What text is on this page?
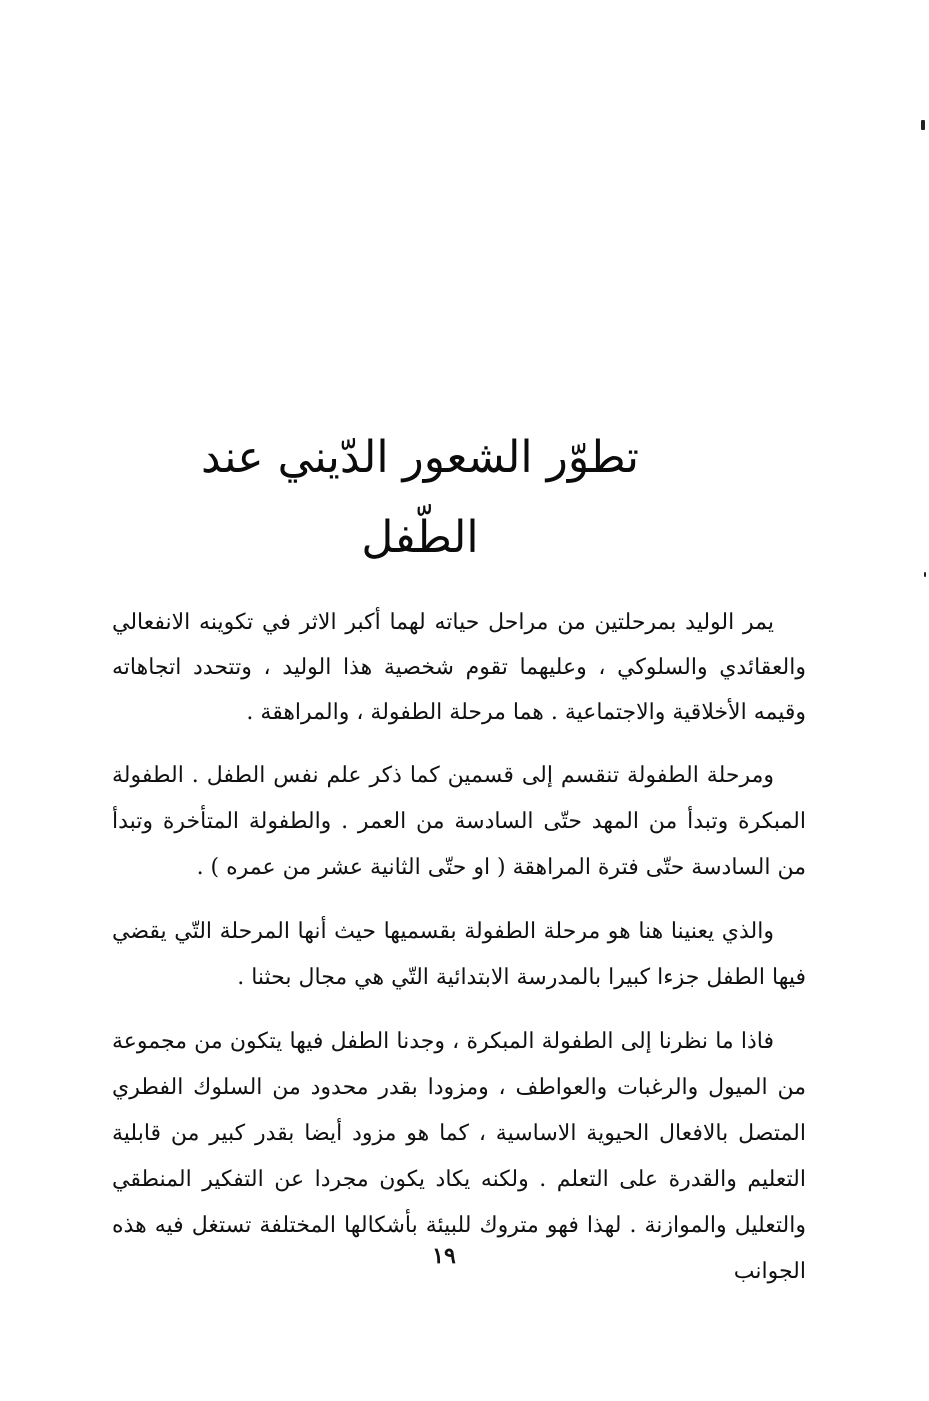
تطوّر الشعور الدّيني عند الطّفل

يمر الوليد بمرحلتين من مراحل حياته لهما أكبر الاثر في تكوينه الانفعالي والعقائدي والسلوكي ، وعليهما تقوم شخصية هذا الوليد ، وتتحدد اتجاهاته وقيمه الأخلاقية والاجتماعية . هما مرحلة الطفولة ، والمراهقة .

ومرحلة الطفولة تنقسم إلى قسمين كما ذكر علم نفس الطفل . الطفولة المبكرة وتبدأ من المهد حتّى السادسة من العمر . والطفولة المتأخرة وتبدأ من السادسة حتّى فترة المراهقة ( او حتّى الثانية عشر من عمره ) .

والذي يعنينا هنا هو مرحلة الطفولة بقسميها حيث أنها المرحلة التّي يقضي فيها الطفل جزءا كبيرا بالمدرسة الابتدائية التّي هي مجال بحثنا .

فاذا ما نظرنا إلى الطفولة المبكرة ، وجدنا الطفل فيها يتكون من مجموعة من الميول والرغبات والعواطف ، ومزودا بقدر محدود من السلوك الفطري المتصل بالافعال الحيوية الاساسية ، كما هو مزود أيضا بقدر كبير من قابلية التعليم والقدرة على التعلم . ولكنه يكاد يكون مجردا عن التفكير المنطقي والتعليل والموازنة . لهذا فهو متروك للبيئة بأشكالها المختلفة تستغل فيه هذه الجوانب

١٩
